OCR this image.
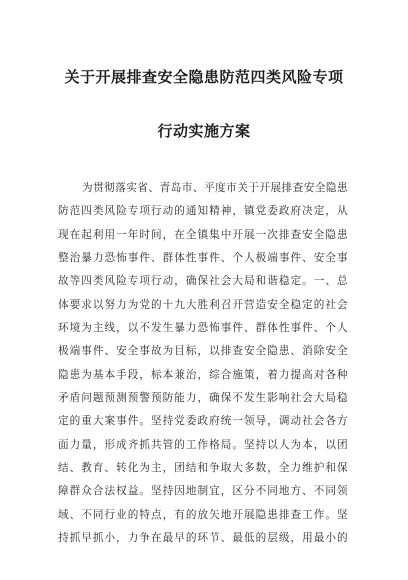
关于开展排查安全隐患防范四类风险专项
行动实施方案
为贯彻落实省、青岛市、平度市关于开展排查安全隐患
防范四类风险专项行动的通知精神，镇党委政府决定，从
现在起利用一年时间，在全镇集中开展一次排查安全隐患
整治暴力恐怖事件、群体性事件、个人极端事件、安全事
故等四类风险专项行动，确保社会大局和谐稳定。一、总
体要求以努力为党的十九大胜利召开营造安全稳定的社会
环境为主线，以不发生暴力恐怖事件、群体性事件、个人
极端事件、安全事故为目标，以排查安全隐患、消除安全
隐患为基本手段，标本兼治，综合施策，着力提高对各种
矛盾问题预测预警预防能力，确保不发生影响社会大局稳
定的重大案事件。坚持党委政府统一领导，调动社会各方
面力量，形成齐抓共管的工作格局。坚持以人为本，以团
结、教育、转化为主，团结和争取大多数，全力维护和保
障群众合法权益。坚持因地制宜，区分不同地方、不同领
域、不同行业的特点，有的放矢地开展隐患排查工作。坚
持抓早抓小，力争在最早的环节、最低的层级，用最小的
